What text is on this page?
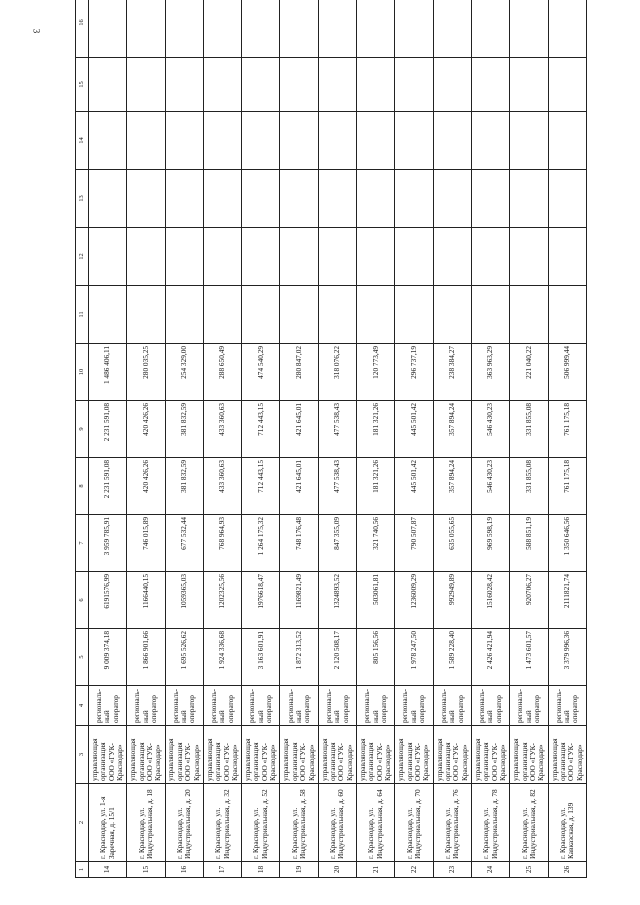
3
1	2	3	4	5	6	7	8	9	10	11	12	13	14	15	16
14	г. Краснодар, ул. 1-я Заречная, д. 15/1	управляющая организация ООО «ГУК-Краснодар»	региональ-ный оператор	9 009 374,18	6191576,99	3 959 785,91	2 231 591,08	2 231 591,08	1 486 406,11						
15	г. Краснодар, ул. Индустриальная, д. 18	управляющая организация ООО «ГУК-Краснодар»	региональ-ный оператор	1 866 901,66	1166440,15	746 015,89	420 426,26	420 426,26	280 035,25						
16	г. Краснодар, ул. Индустриальная, д. 20	управляющая организация ООО «ГУК-Краснодар»	региональ-ный оператор	1 695 526,62	1059365,03	677 532,44	381 832,59	381 832,59	254 329,00						
17	г. Краснодар, ул. Индустриальная, д. 32	управляющая организация ООО «ГУК-Краснодар»	региональ-ный оператор	1 924 336,68	1202325,56	768 964,93	433 360,63	433 360,63	288 650,49						
18	г. Краснодар, ул. Индустриальная, д. 52	управляющая организация ООО «ГУК-Краснодар»	региональ-ный оператор	3 163 601,91	1976618,47	1 264 175,32	712 443,15	712 443,15	474 540,29						
19	г. Краснодар, ул. Индустриальная, д. 58	управляющая организация ООО «ГУК-Краснодар»	региональ-ный оператор	1 872 313,52	1169821,49	748 176,48	421 645,01	421 645,01	280 847,02						
20	г. Краснодар, ул. Индустриальная, д. 60	управляющая организация ООО «ГУК-Краснодар»	региональ-ный оператор	2 120 508,17	1324893,52	847 355,09	477 538,43	477 538,43	318 076,22						
21	г. Краснодар, ул. Индустриальная, д. 64	управляющая организация ООО «ГУК-Краснодар»	региональ-ный оператор	805 156,56	503061,81	321 740,56	181 321,26	181 321,26	120 773,49						
22	г. Краснодар, ул. Индустриальная, д. 70	управляющая организация ООО «ГУК-Краснодар»	региональ-ный оператор	1 978 247,50	1236009,29	790 507,87	445 501,42	445 501,42	296 737,19						
23	г. Краснодар, ул. Индустриальная, д. 76	управляющая организация ООО «ГУК-Краснодар»	региональ-ный оператор	1 589 228,40	992949,89	635 055,65	357 894,24	357 894,24	238 384,27						
24	г. Краснодар, ул. Индустриальная, д. 78	управляющая организация ООО «ГУК-Краснодар»	региональ-ный оператор	2 426 421,94	1516028,42	969 598,19	546 430,23	546 430,23	363 963,29						
25	г. Краснодар, ул. Индустриальная, д. 82	управляющая организация ООО «ГУК-Краснодар»	региональ-ный оператор	1 473 601,57	920706,27	588 851,19	331 855,08	331 855,08	221 040,22						
26	г. Краснодар, ул. Кавказская, д. 139	управляющая организация ООО «ГУК-Краснодар»	региональ-ный оператор	3 379 996,36	2111821,74	1 350 646,56	761 175,18	761 175,18	506 999,44						
